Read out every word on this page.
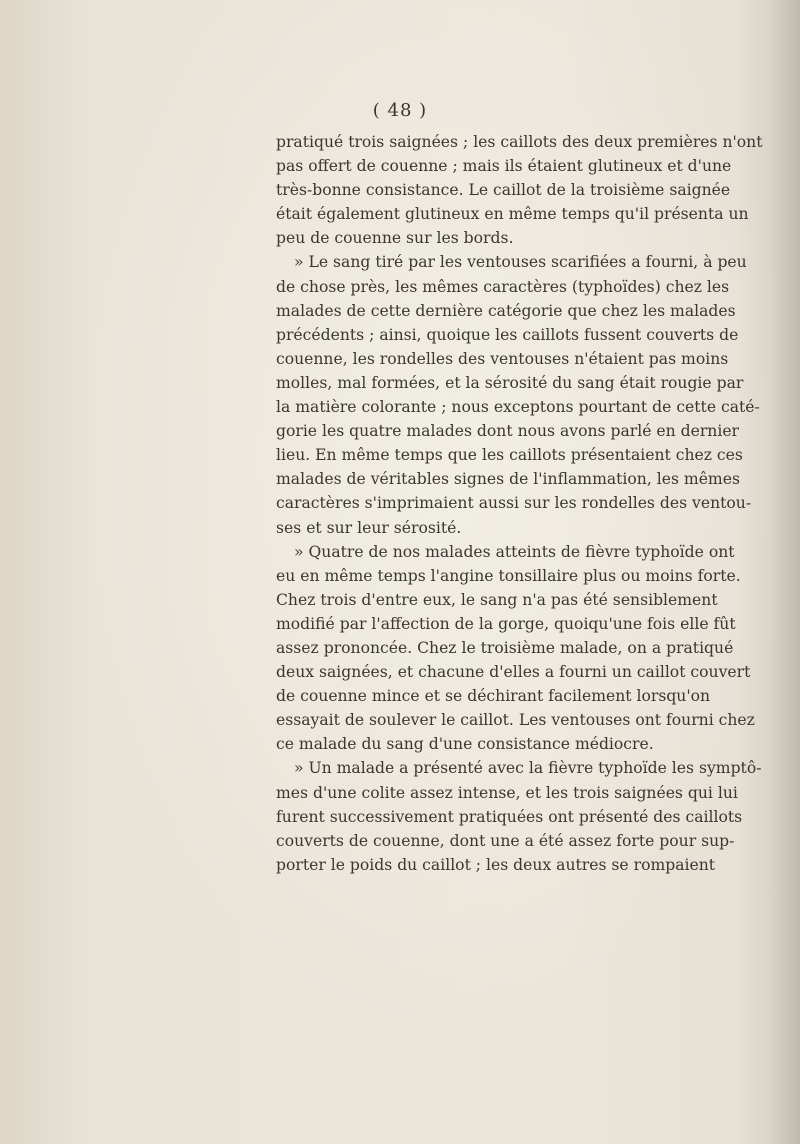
( 48 )
pratiqué trois saignées ; les caillots des deux premières n'ont
pas offert de couenne ; mais ils étaient glutineux et d'une
très-bonne consistance. Le caillot de la troisième saignée
était également glutineux en même temps qu'il présenta un
peu de couenne sur les bords.
» Le sang tiré par les ventouses scarifiées a fourni, à peu
de chose près, les mêmes caractères (typhoïdes) chez les
malades de cette dernière catégorie que chez les malades
précédents ; ainsi, quoique les caillots fussent couverts de
couenne, les rondelles des ventouses n'étaient pas moins
molles, mal formées, et la sérosité du sang était rougie par
la matière colorante ; nous exceptons pourtant de cette caté-
gorie les quatre malades dont nous avons parlé en dernier
lieu. En même temps que les caillots présentaient chez ces
malades de véritables signes de l'inflammation, les mêmes
caractères s'imprimaient aussi sur les rondelles des ventou-
ses et sur leur sérosité.
» Quatre de nos malades atteints de fièvre typhoïde ont
eu en même temps l'angine tonsillaire plus ou moins forte.
Chez trois d'entre eux, le sang n'a pas été sensiblement
modifié par l'affection de la gorge, quoiqu'une fois elle fût
assez prononcée. Chez le troisième malade, on a pratiqué
deux saignées, et chacune d'elles a fourni un caillot couvert
de couenne mince et se déchirant facilement lorsqu'on
essayait de soulever le caillot. Les ventouses ont fourni chez
ce malade du sang d'une consistance médiocre.
» Un malade a présenté avec la fièvre typhoïde les symptô-
mes d'une colite assez intense, et les trois saignées qui lui
furent successivement pratiquées ont présenté des caillots
couverts de couenne, dont une a été assez forte pour sup-
porter le poids du caillot ; les deux autres se rompaient
